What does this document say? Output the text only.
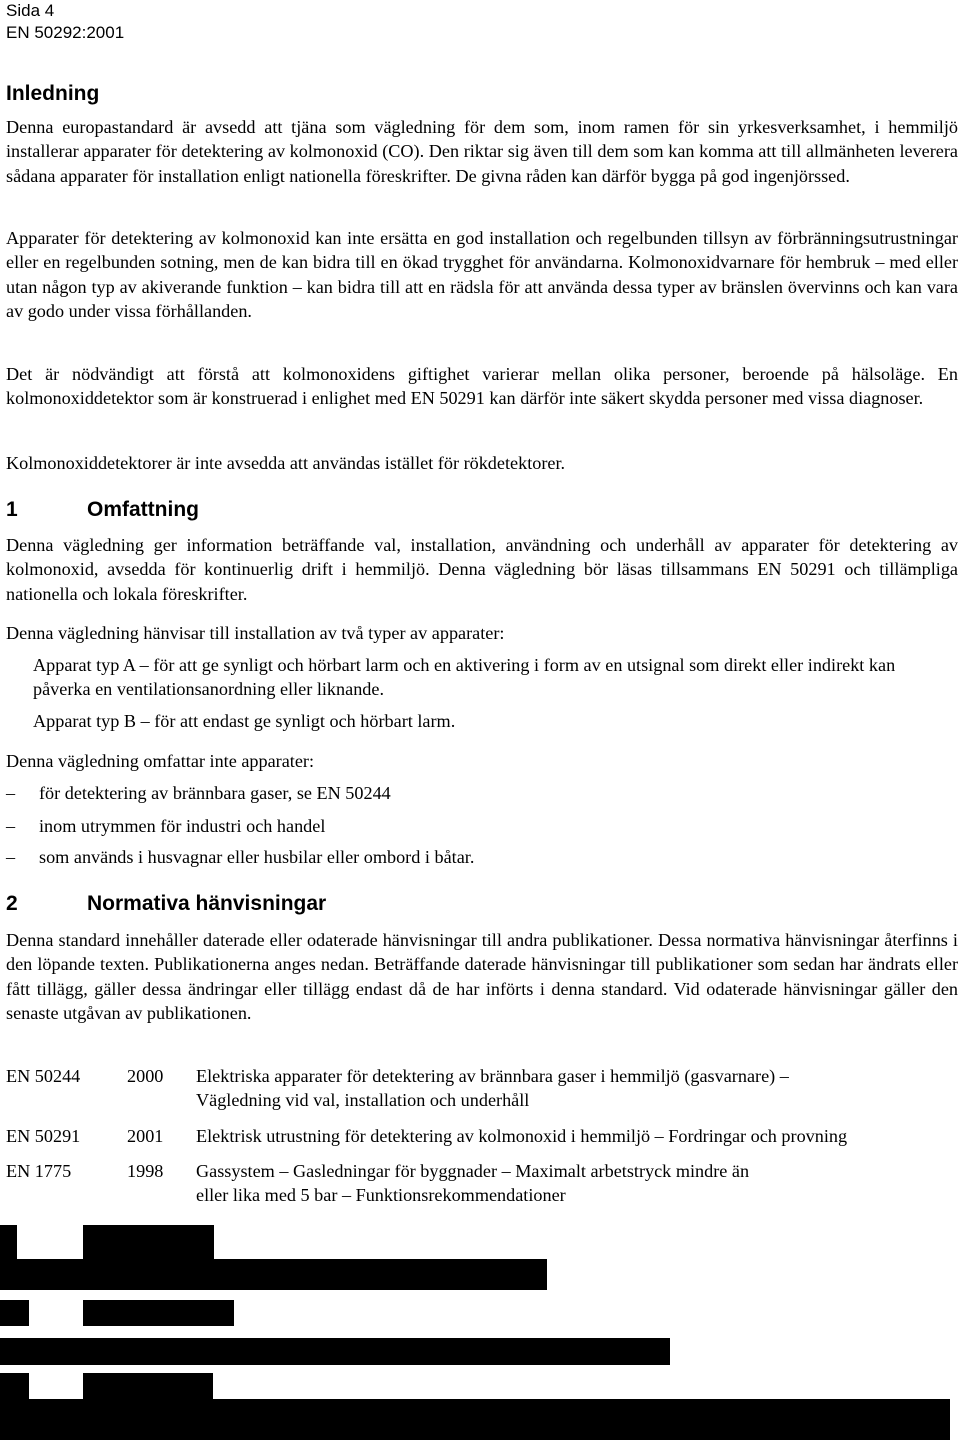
Sida 4
EN 50292:2001
Inledning

Denna europastandard är avsedd att tjäna som vägledning för dem som, inom ramen för sin yrkesverksamhet, i hemmiljö installerar apparater för detektering av kolmonoxid (CO). Den riktar sig även till dem som kan komma att till allmänheten leverera sådana apparater för installation enligt nationella föreskrifter. De givna råden kan därför bygga på god ingenjörssed.

Apparater för detektering av kolmonoxid kan inte ersätta en god installation och regelbunden tillsyn av förbränningsutrustningar eller en regelbunden sotning, men de kan bidra till en ökad trygghet för användarna. Kolmonoxidvarnare för hembruk – med eller utan någon typ av akiverande funktion – kan bidra till att en rädsla för att använda dessa typer av bränslen övervinns och kan vara av godo under vissa förhållanden.

Det är nödvändigt att förstå att kolmonoxidens giftighet varierar mellan olika personer, beroende på hälsoläge. En kolmonoxiddetektor som är konstruerad i enlighet med EN 50291 kan därför inte säkert skydda personer med vissa diagnoser.

Kolmonoxiddetektorer är inte avsedda att användas istället för rökdetektorer.

1	Omfattning

Denna vägledning ger information beträffande val, installation, användning och underhåll av apparater för detektering av kolmonoxid, avsedda för kontinuerlig drift i hemmiljö. Denna vägledning bör läsas tillsammans EN 50291 och tillämpliga nationella och lokala föreskrifter.

Denna vägledning hänvisar till installation av två typer av apparater:

Apparat typ A – för att ge synligt och hörbart larm och en aktivering i form av en utsignal som direkt eller indirekt kan påverka en ventilationsanordning eller liknande.
Apparat typ B – för att endast ge synligt och hörbart larm.

Denna vägledning omfattar inte apparater:

– för detektering av brännbara gaser, se EN 50244
– inom utrymmen för industri och handel
– som används i husvagnar eller husbilar eller ombord i båtar.
2	Normativa hänvisningar

Denna standard innehåller daterade eller odaterade hänvisningar till andra publikationer. Dessa normativa hänvisningar återfinns i den löpande texten. Publikationerna anges nedan. Beträffande daterade hänvisningar till publikationer som sedan har ändrats eller fått tillägg, gäller dessa ändringar eller tillägg endast då de har införts i denna standard. Vid odaterade hänvisningar gäller den senaste utgåvan av publikationen.

EN 50244	2000 Elektriska apparater för detektering av brännbara gaser i hemmiljö (gasvarnare) –
Vägledning vid val, installation och underhåll
EN 50291	2001 Elektrisk utrustning för detektering av kolmonoxid i hemmiljö – Fordringar och provning
EN 1775	1998 Gassystem – Gasledningar för byggnader – Maximalt arbetstryck mindre än
eller lika med 5 bar – Funktionsrekommendationer
